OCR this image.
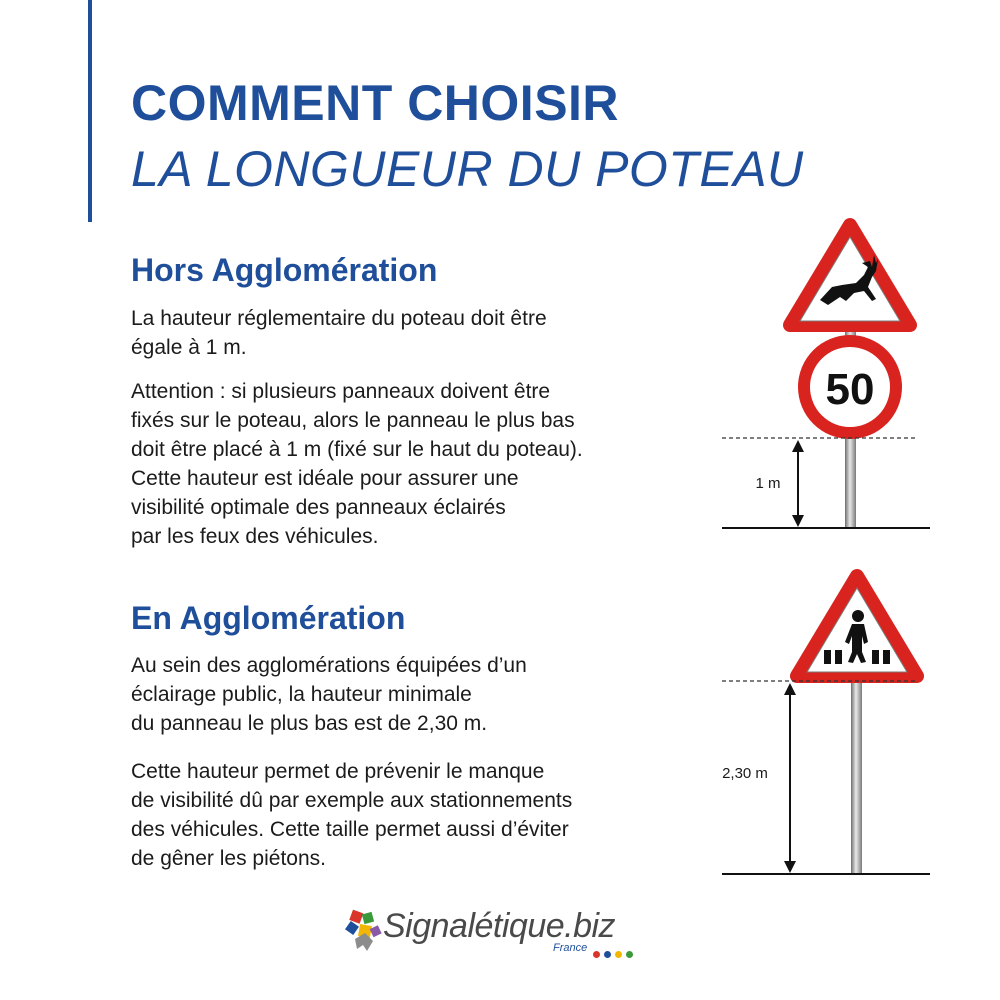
COMMENT CHOISIR
LA LONGUEUR DU POTEAU
Hors Agglomération
La hauteur réglementaire du poteau doit être
égale à 1 m.
Attention : si plusieurs panneaux doivent être
fixés sur le poteau, alors le panneau le plus bas
doit être placé à 1 m (fixé sur le haut du poteau).
Cette hauteur est idéale pour assurer une
visibilité optimale des panneaux éclairés
par les feux des véhicules.
50
1 m
En Agglomération
Au sein des agglomérations équipées d’un
éclairage public, la hauteur minimale
du panneau le plus bas est de 2,30 m.
Cette hauteur permet de prévenir le manque
de visibilité dû par exemple aux stationnements
des véhicules. Cette taille permet aussi d’éviter
de gêner les piétons.
2,30 m
Signalétique.biz
France
